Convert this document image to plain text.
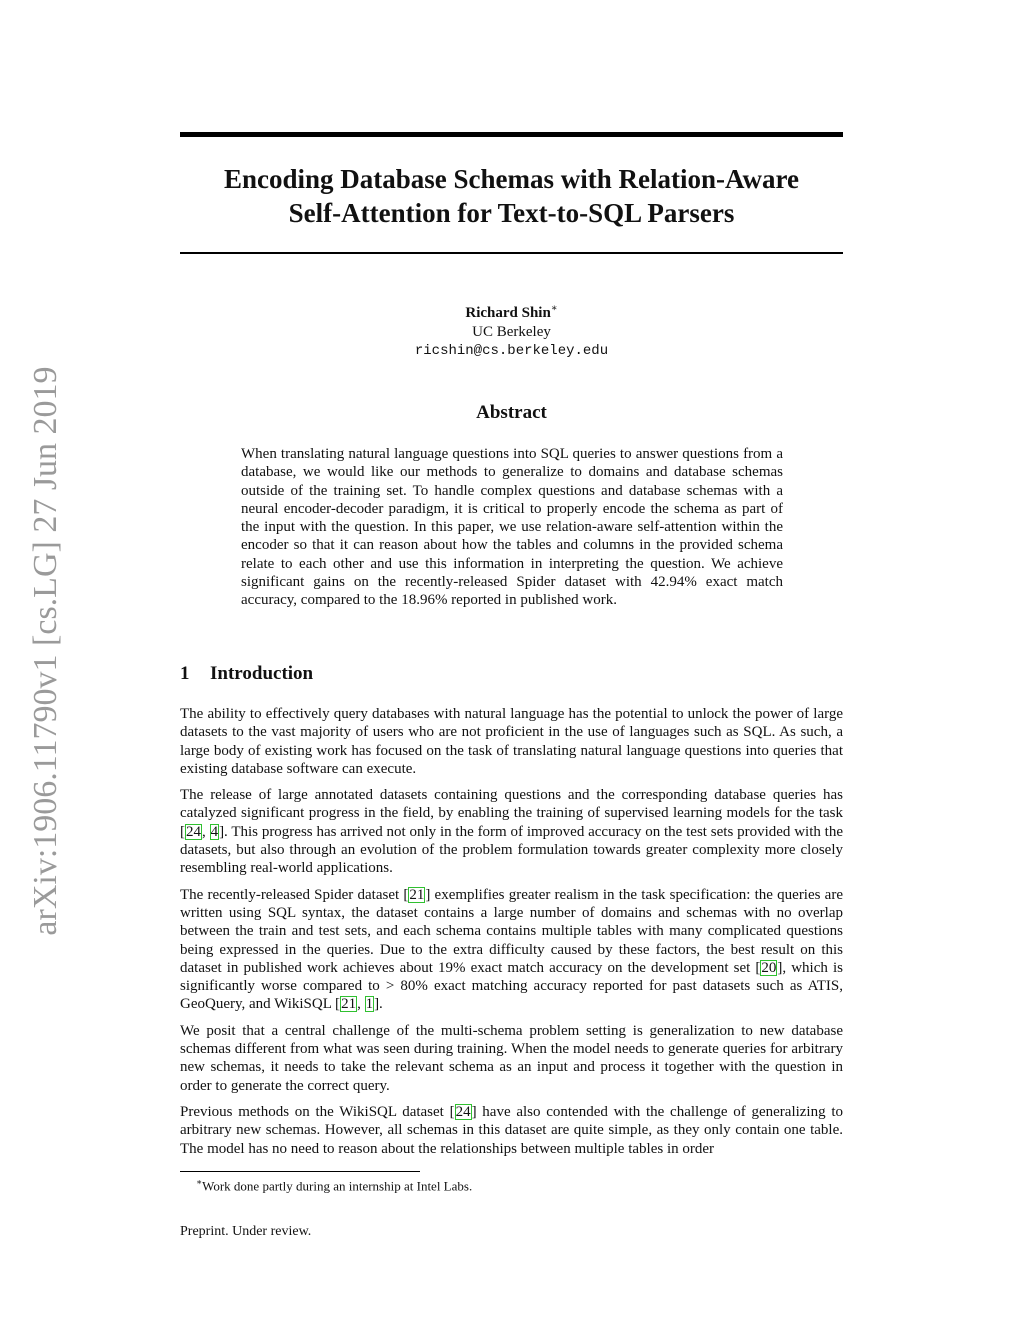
arXiv:1906.11790v1 [cs.LG] 27 Jun 2019
Encoding Database Schemas with Relation-Aware
Self-Attention for Text-to-SQL Parsers
Richard Shin∗
UC Berkeley
ricshin@cs.berkeley.edu
Abstract
When translating natural language questions into SQL queries to answer questions from a database, we would like our methods to generalize to domains and database schemas outside of the training set. To handle complex questions and database schemas with a neural encoder-decoder paradigm, it is critical to properly encode the schema as part of the input with the question. In this paper, we use relation-aware self-attention within the encoder so that it can reason about how the tables and columns in the provided schema relate to each other and use this information in interpreting the question. We achieve significant gains on the recently-released Spider dataset with 42.94% exact match accuracy, compared to the 18.96% reported in published work.
1 Introduction

The ability to effectively query databases with natural language has the potential to unlock the power of large datasets to the vast majority of users who are not proficient in the use of languages such as SQL. As such, a large body of existing work has focused on the task of translating natural language questions into queries that existing database software can execute.

The release of large annotated datasets containing questions and the corresponding database queries has catalyzed significant progress in the field, by enabling the training of supervised learning models for the task [24, 4]. This progress has arrived not only in the form of improved accuracy on the test sets provided with the datasets, but also through an evolution of the problem formulation towards greater complexity more closely resembling real-world applications.

The recently-released Spider dataset [21] exemplifies greater realism in the task specification: the queries are written using SQL syntax, the dataset contains a large number of domains and schemas with no overlap between the train and test sets, and each schema contains multiple tables with many complicated questions being expressed in the queries. Due to the extra difficulty caused by these factors, the best result on this dataset in published work achieves about 19% exact match accuracy on the development set [20], which is significantly worse compared to > 80% exact matching accuracy reported for past datasets such as ATIS, GeoQuery, and WikiSQL [21, 1].

We posit that a central challenge of the multi-schema problem setting is generalization to new database schemas different from what was seen during training. When the model needs to generate queries for arbitrary new schemas, it needs to take the relevant schema as an input and process it together with the question in order to generate the correct query.

Previous methods on the WikiSQL dataset [24] have also contended with the challenge of generalizing to arbitrary new schemas. However, all schemas in this dataset are quite simple, as they only contain one table. The model has no need to reason about the relationships between multiple tables in order

∗Work done partly during an internship at Intel Labs.
Preprint. Under review.
